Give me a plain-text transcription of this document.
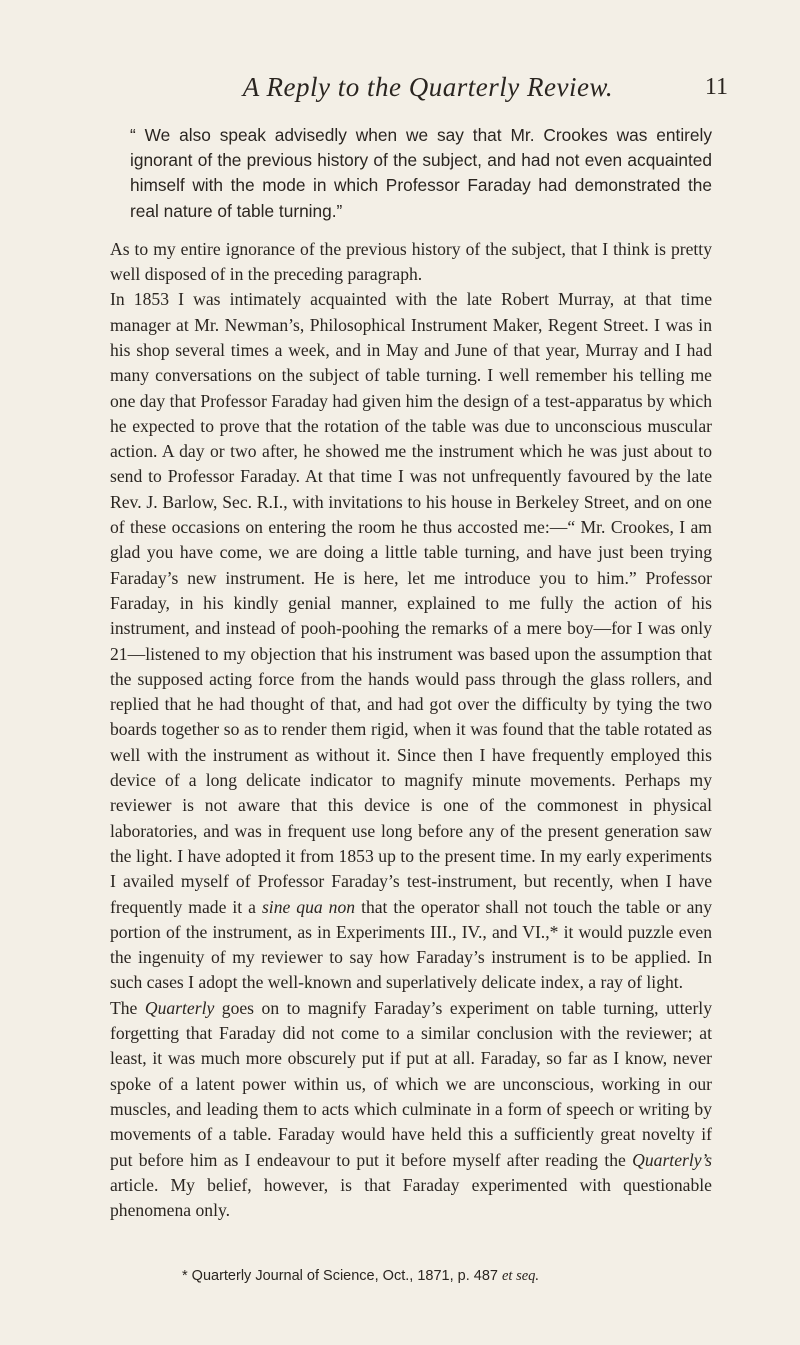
A Reply to the Quarterly Review.	11

“ We also speak advisedly when we say that Mr. Crookes was entirely ignorant of the previous history of the subject, and had not even acquainted himself with the mode in which Professor Faraday had demonstrated the real nature of table turning.”

As to my entire ignorance of the previous history of the subject, that I think is pretty well disposed of in the preceding paragraph.

In 1853 I was intimately acquainted with the late Robert Murray, at that time manager at Mr. Newman’s, Philosophical Instrument Maker, Regent Street. I was in his shop several times a week, and in May and June of that year, Murray and I had many conversations on the subject of table turning. I well remember his telling me one day that Professor Faraday had given him the design of a test-apparatus by which he expected to prove that the rotation of the table was due to unconscious muscular action. A day or two after, he showed me the instrument which he was just about to send to Professor Faraday. At that time I was not unfrequently favoured by the late Rev. J. Barlow, Sec. R.I., with invitations to his house in Berkeley Street, and on one of these occasions on entering the room he thus accosted me:—“ Mr. Crookes, I am glad you have come, we are doing a little table turning, and have just been trying Faraday’s new instrument. He is here, let me introduce you to him.” Professor Faraday, in his kindly genial manner, explained to me fully the action of his instrument, and instead of pooh-poohing the remarks of a mere boy—for I was only 21—listened to my objection that his instrument was based upon the assumption that the supposed acting force from the hands would pass through the glass rollers, and replied that he had thought of that, and had got over the difficulty by tying the two boards together so as to render them rigid, when it was found that the table rotated as well with the instrument as without it. Since then I have frequently employed this device of a long delicate indicator to magnify minute movements. Perhaps my reviewer is not aware that this device is one of the commonest in physical laboratories, and was in frequent use long before any of the present generation saw the light. I have adopted it from 1853 up to the present time. In my early experiments I availed myself of Professor Faraday’s test-instrument, but recently, when I have frequently made it a sine qua non that the operator shall not touch the table or any portion of the instrument, as in Experiments III., IV., and VI.,* it would puzzle even the ingenuity of my reviewer to say how Faraday’s instrument is to be applied. In such cases I adopt the well-known and superlatively delicate index, a ray of light.

The Quarterly goes on to magnify Faraday’s experiment on table turning, utterly forgetting that Faraday did not come to a similar conclusion with the reviewer; at least, it was much more obscurely put if put at all. Faraday, so far as I know, never spoke of a latent power within us, of which we are unconscious, working in our muscles, and leading them to acts which culminate in a form of speech or writing by movements of a table. Faraday would have held this a sufficiently great novelty if put before him as I endeavour to put it before myself after reading the Quarterly’s article. My belief, however, is that Faraday experimented with questionable phenomena only.

* Quarterly Journal of Science, Oct., 1871, p. 487 et seq.
